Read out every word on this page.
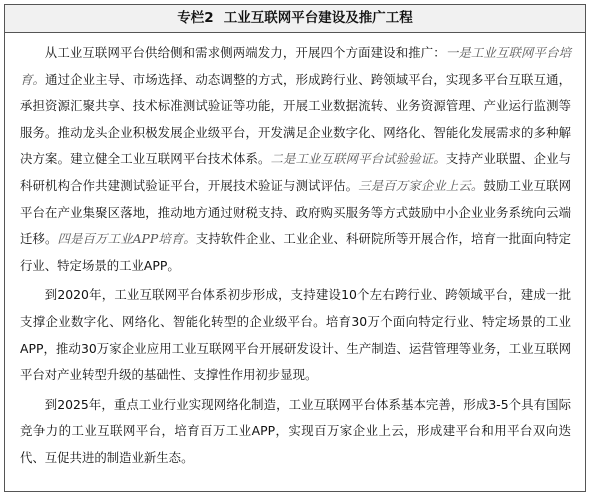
专栏2 工业互联网平台建设及推广工程

从工业互联网平台供给侧和需求侧两端发力，开展四个方面建设和推广：一是工业互联网平台培育。通过企业主导、市场选择、动态调整的方式，形成跨行业、跨领域平台，实现多平台互联互通，承担资源汇聚共享、技术标准测试验证等功能，开展工业数据流转、业务资源管理、产业运行监测等服务。推动龙头企业积极发展企业级平台，开发满足企业数字化、网络化、智能化发展需求的多种解决方案。建立健全工业互联网平台技术体系。二是工业互联网平台试验验证。支持产业联盟、企业与科研机构合作共建测试验证平台，开展技术验证与测试评估。三是百万家企业上云。鼓励工业互联网平台在产业集聚区落地，推动地方通过财税支持、政府购买服务等方式鼓励中小企业业务系统向云端迁移。四是百万工业APP培育。支持软件企业、工业企业、科研院所等开展合作，培育一批面向特定行业、特定场景的工业APP。

到2020年，工业互联网平台体系初步形成，支持建设10个左右跨行业、跨领域平台，建成一批支撑企业数字化、网络化、智能化转型的企业级平台。培育30万个面向特定行业、特定场景的工业APP，推动30万家企业应用工业互联网平台开展研发设计、生产制造、运营管理等业务，工业互联网平台对产业转型升级的基础性、支撑性作用初步显现。

到2025年，重点工业行业实现网络化制造，工业互联网平台体系基本完善，形成3-5个具有国际竞争力的工业互联网平台，培育百万工业APP，实现百万家企业上云，形成建平台和用平台双向迭代、互促共进的制造业新生态。
